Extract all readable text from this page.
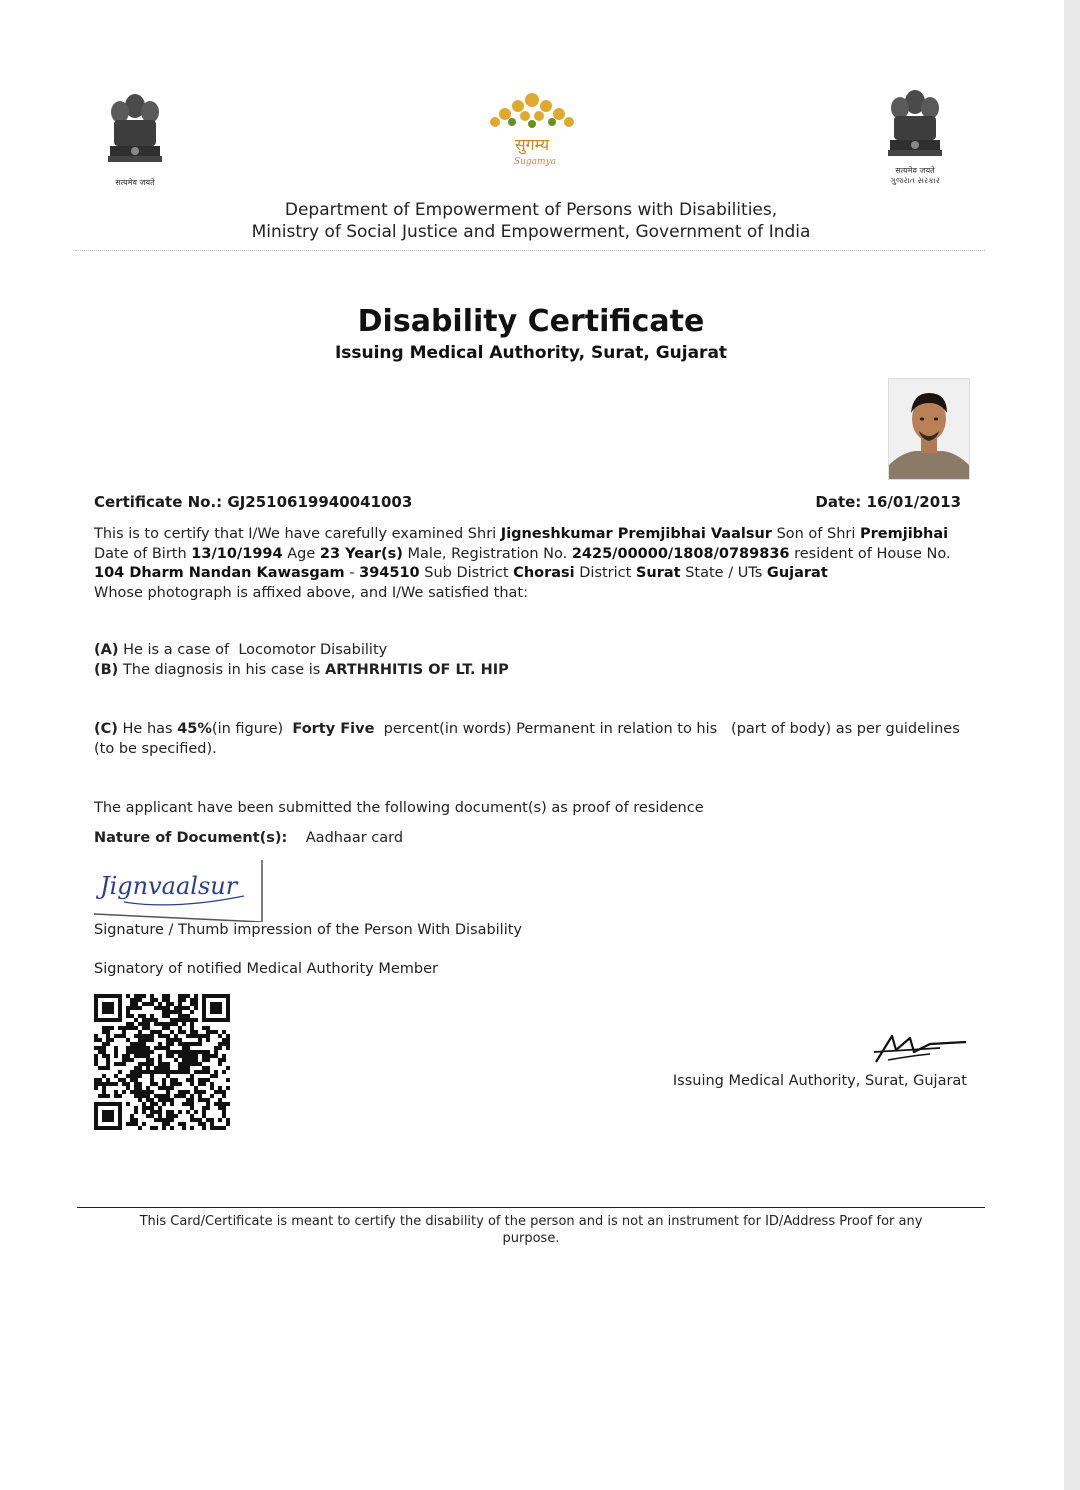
सत्यमेव जयते
सुगम्य
Sugamya
सत्यमेव जयते
ગુજરાત સરકાર
Department of Empowerment of Persons with Disabilities,
Ministry of Social Justice and Empowerment, Government of India
Disability Certificate
Issuing Medical Authority, Surat, Gujarat
Certificate No.: GJ2510619940041003	Date: 16/01/2013
This is to certify that I/We have carefully examined Shri Jigneshkumar Premjibhai Vaalsur Son of Shri Premjibhai
Date of Birth 13/10/1994 Age 23 Year(s) Male, Registration No. 2425/00000/1808/0789836 resident of House No.
104 Dharm Nandan Kawasgam - 394510 Sub District Chorasi District Surat State / UTs Gujarat
Whose photograph is affixed above, and I/We satisfied that:
(A) He is a case of Locomotor Disability
(B) The diagnosis in his case is ARTHRHITIS OF LT. HIP
(C) He has 45%(in figure) Forty Five percent(in words) Permanent in relation to his (part of body) as per guidelines
(to be specified).
The applicant have been submitted the following document(s) as proof of residence
Nature of Document(s): Aadhaar card
Jignvaalsur
Signature / Thumb impression of the Person With Disability
Signatory of notified Medical Authority Member
Issuing Medical Authority, Surat, Gujarat
This Card/Certificate is meant to certify the disability of the person and is not an instrument for ID/Address Proof for any
purpose.
